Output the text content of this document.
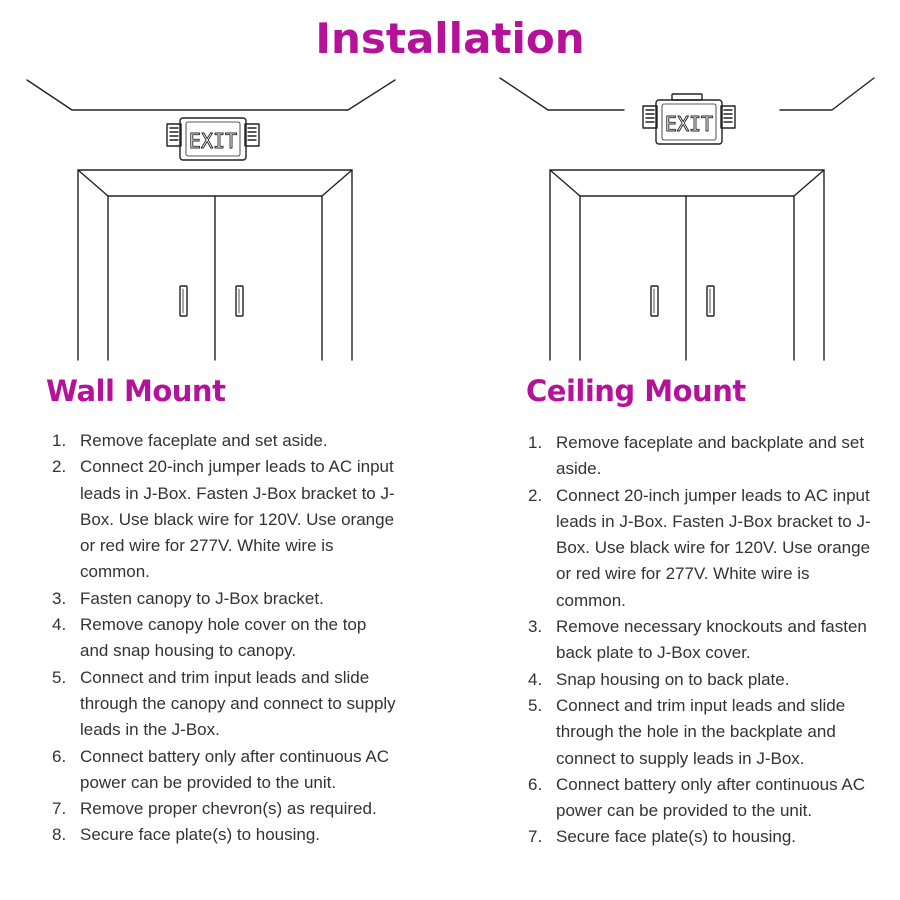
Installation
EXIT
EXIT
Wall Mount
1. Remove faceplate and set aside.
2. Connect 20-inch jumper leads to AC input leads in J-Box. Fasten J-Box bracket to J-Box. Use black wire for 120V. Use orange or red wire for 277V. White wire is common.
3. Fasten canopy to J-Box bracket.
4. Remove canopy hole cover on the top and snap housing to canopy.
5. Connect and trim input leads and slide through the canopy and connect to supply leads in the J-Box.
6. Connect battery only after continuous AC power can be provided to the unit.
7. Remove proper chevron(s) as required.
8. Secure face plate(s) to housing.
Ceiling Mount
1. Remove faceplate and backplate and set aside.
2. Connect 20-inch jumper leads to AC input leads in J-Box. Fasten J-Box bracket to J-Box. Use black wire for 120V. Use orange or red wire for 277V. White wire is common.
3. Remove necessary knockouts and fasten back plate to J-Box cover.
4. Snap housing on to back plate.
5. Connect and trim input leads and slide through the hole in the backplate and connect to supply leads in J-Box.
6. Connect battery only after continuous AC power can be provided to the unit.
7. Secure face plate(s) to housing.
